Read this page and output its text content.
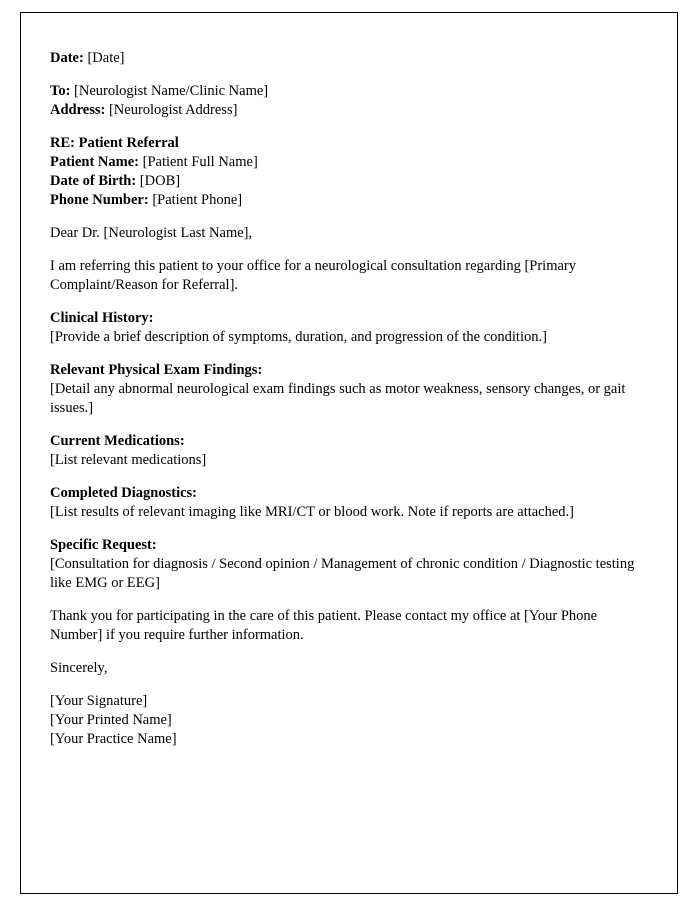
Date: [Date]

To: [Neurologist Name/Clinic Name]

Address: [Neurologist Address]

RE: Patient Referral

Patient Name: [Patient Full Name]

Date of Birth: [DOB]

Phone Number: [Patient Phone]

Dear Dr. [Neurologist Last Name],

I am referring this patient to your office for a neurological consultation regarding [Primary Complaint/Reason for Referral].

Clinical History:

[Provide a brief description of symptoms, duration, and progression of the condition.]

Relevant Physical Exam Findings:

[Detail any abnormal neurological exam findings such as motor weakness, sensory changes, or gait issues.]

Current Medications:

[List relevant medications]

Completed Diagnostics:

[List results of relevant imaging like MRI/CT or blood work. Note if reports are attached.]

Specific Request:

[Consultation for diagnosis / Second opinion / Management of chronic condition / Diagnostic testing like EMG or EEG]

Thank you for participating in the care of this patient. Please contact my office at [Your Phone Number] if you require further information.

Sincerely,

[Your Signature]

[Your Printed Name]

[Your Practice Name]
